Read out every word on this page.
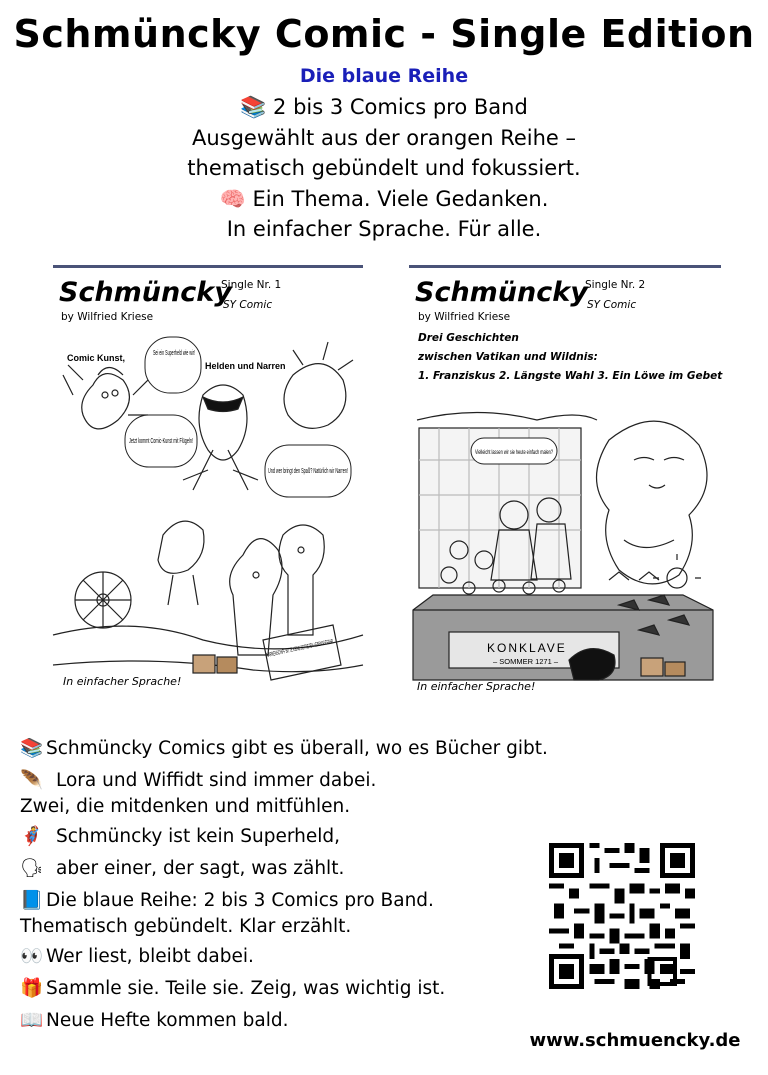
Schmüncky Comic - Single Edition
Die blaue Reihe
📚 2 bis 3 Comics pro Band
Ausgewählt aus der orangen Reihe –
thematisch gebündelt und fokussiert.
🧠 Ein Thema. Viele Gedanken.
In einfacher Sprache. Für alle.
Schmüncky
by Wilfried Kriese
Single Nr. 1
SY Comic
Comic Kunst,
Sei ein Superheld wie wir!
Helden und Narren
Jetzt kommt Comic-Kunst mit Flügeln!
Und wer bringt den Spaß? Natürlich wir Narren!
NARRENSCHIFF BITTE KEINE BETRETEN LEBENSGEFAHR
In einfacher Sprache!
Schmüncky
by Wilfried Kriese
Single Nr. 2
SY Comic
Drei Geschichten
zwischen Vatikan und Wildnis:
1. Franziskus 2. Längste Wahl 3. Ein Löwe im Gebet
Vielleicht lassen wir sie heute einfach malen?
KONKLAVE
– SOMMER 1271 –
In einfacher Sprache!
📚 Schmüncky Comics gibt es überall, wo es Bücher gibt.
🪶 Lora und Wiffidt sind immer dabei.
Zwei, die mitdenken und mitfühlen.
🦸 Schmüncky ist kein Superheld,
🗣 aber einer, der sagt, was zählt.
📘 Die blaue Reihe: 2 bis 3 Comics pro Band.
Thematisch gebündelt. Klar erzählt.
👀 Wer liest, bleibt dabei.
🎁 Sammle sie. Teile sie. Zeig, was wichtig ist.
📖 Neue Hefte kommen bald.
www.schmuencky.de
